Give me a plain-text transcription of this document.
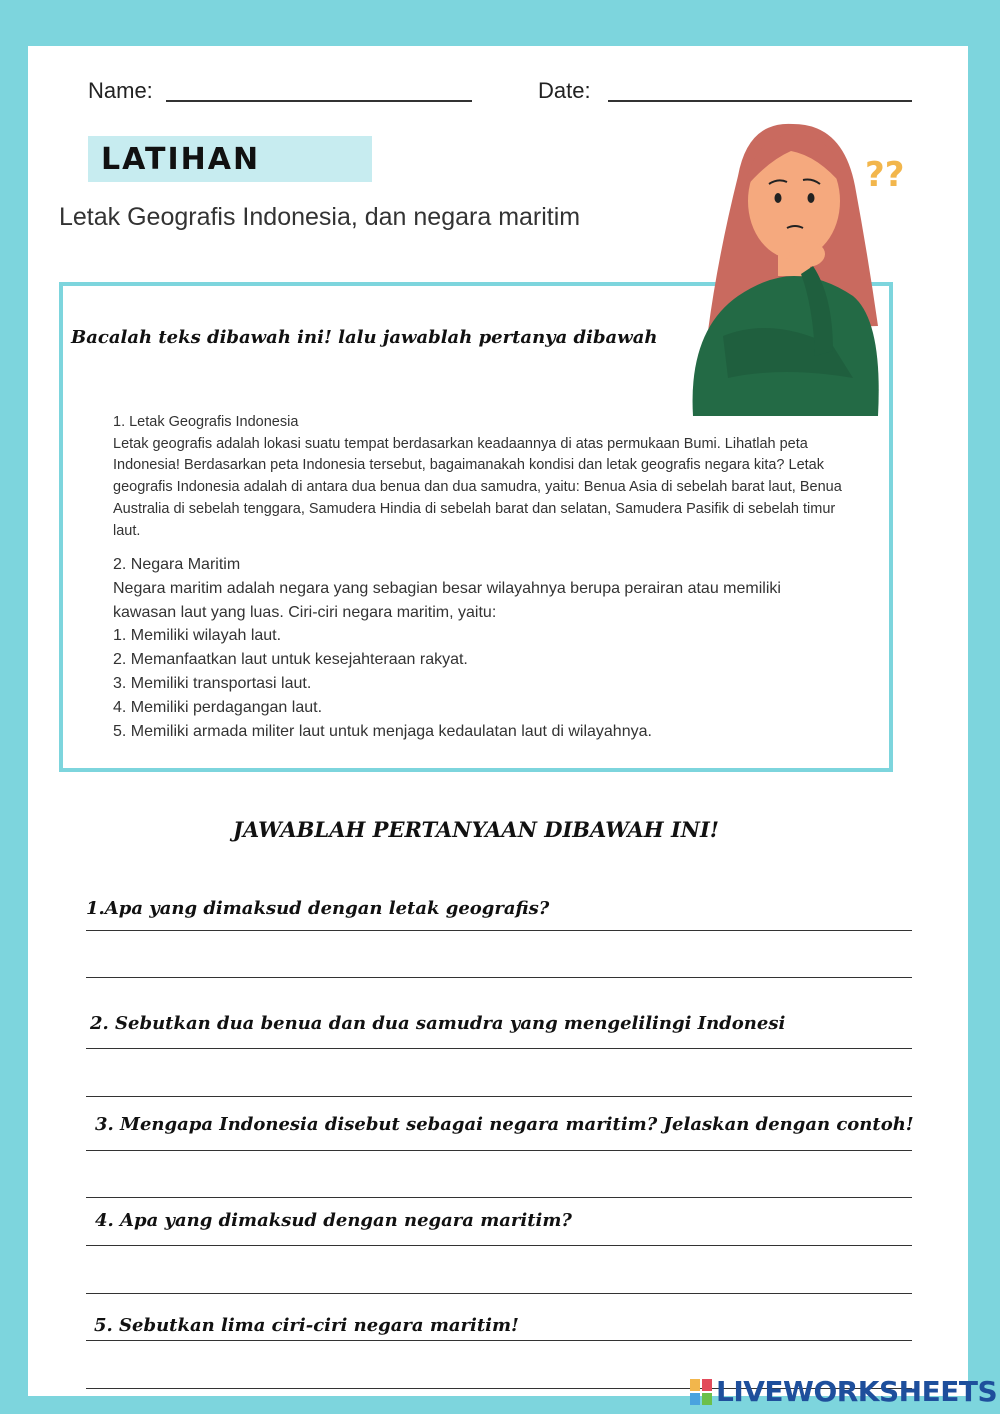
Name:	Date:
LATIHAN
Letak Geografis Indonesia, dan negara maritim
Bacalah teks dibawah ini! lalu jawablah pertanya dibawah
1. Letak Geografis Indonesia
Letak geografis adalah lokasi suatu tempat berdasarkan keadaannya di atas permukaan Bumi. Lihatlah peta Indonesia! Berdasarkan peta Indonesia tersebut, bagaimanakah kondisi dan letak geografis negara kita? Letak geografis Indonesia adalah di antara dua benua dan dua samudra, yaitu: Benua Asia di sebelah barat laut, Benua Australia di sebelah tenggara, Samudera Hindia di sebelah barat dan selatan, Samudera Pasifik di sebelah timur laut.
2. Negara Maritim
Negara maritim adalah negara yang sebagian besar wilayahnya berupa perairan atau memiliki kawasan laut yang luas. Ciri-ciri negara maritim, yaitu:
1. Memiliki wilayah laut.
2. Memanfaatkan laut untuk kesejahteraan rakyat.
3. Memiliki transportasi laut.
4. Memiliki perdagangan laut.
5. Memiliki armada militer laut untuk menjaga kedaulatan laut di wilayahnya.
??
JAWABLAH PERTANYAAN DIBAWAH INI!
1.Apa yang dimaksud dengan letak geografis?
2. Sebutkan dua benua dan dua samudra yang mengelilingi Indonesi
3. Mengapa Indonesia disebut sebagai negara maritim? Jelaskan dengan contoh!
4. Apa yang dimaksud dengan negara maritim?
5. Sebutkan lima ciri-ciri negara maritim!
LIVEWORKSHEETS
